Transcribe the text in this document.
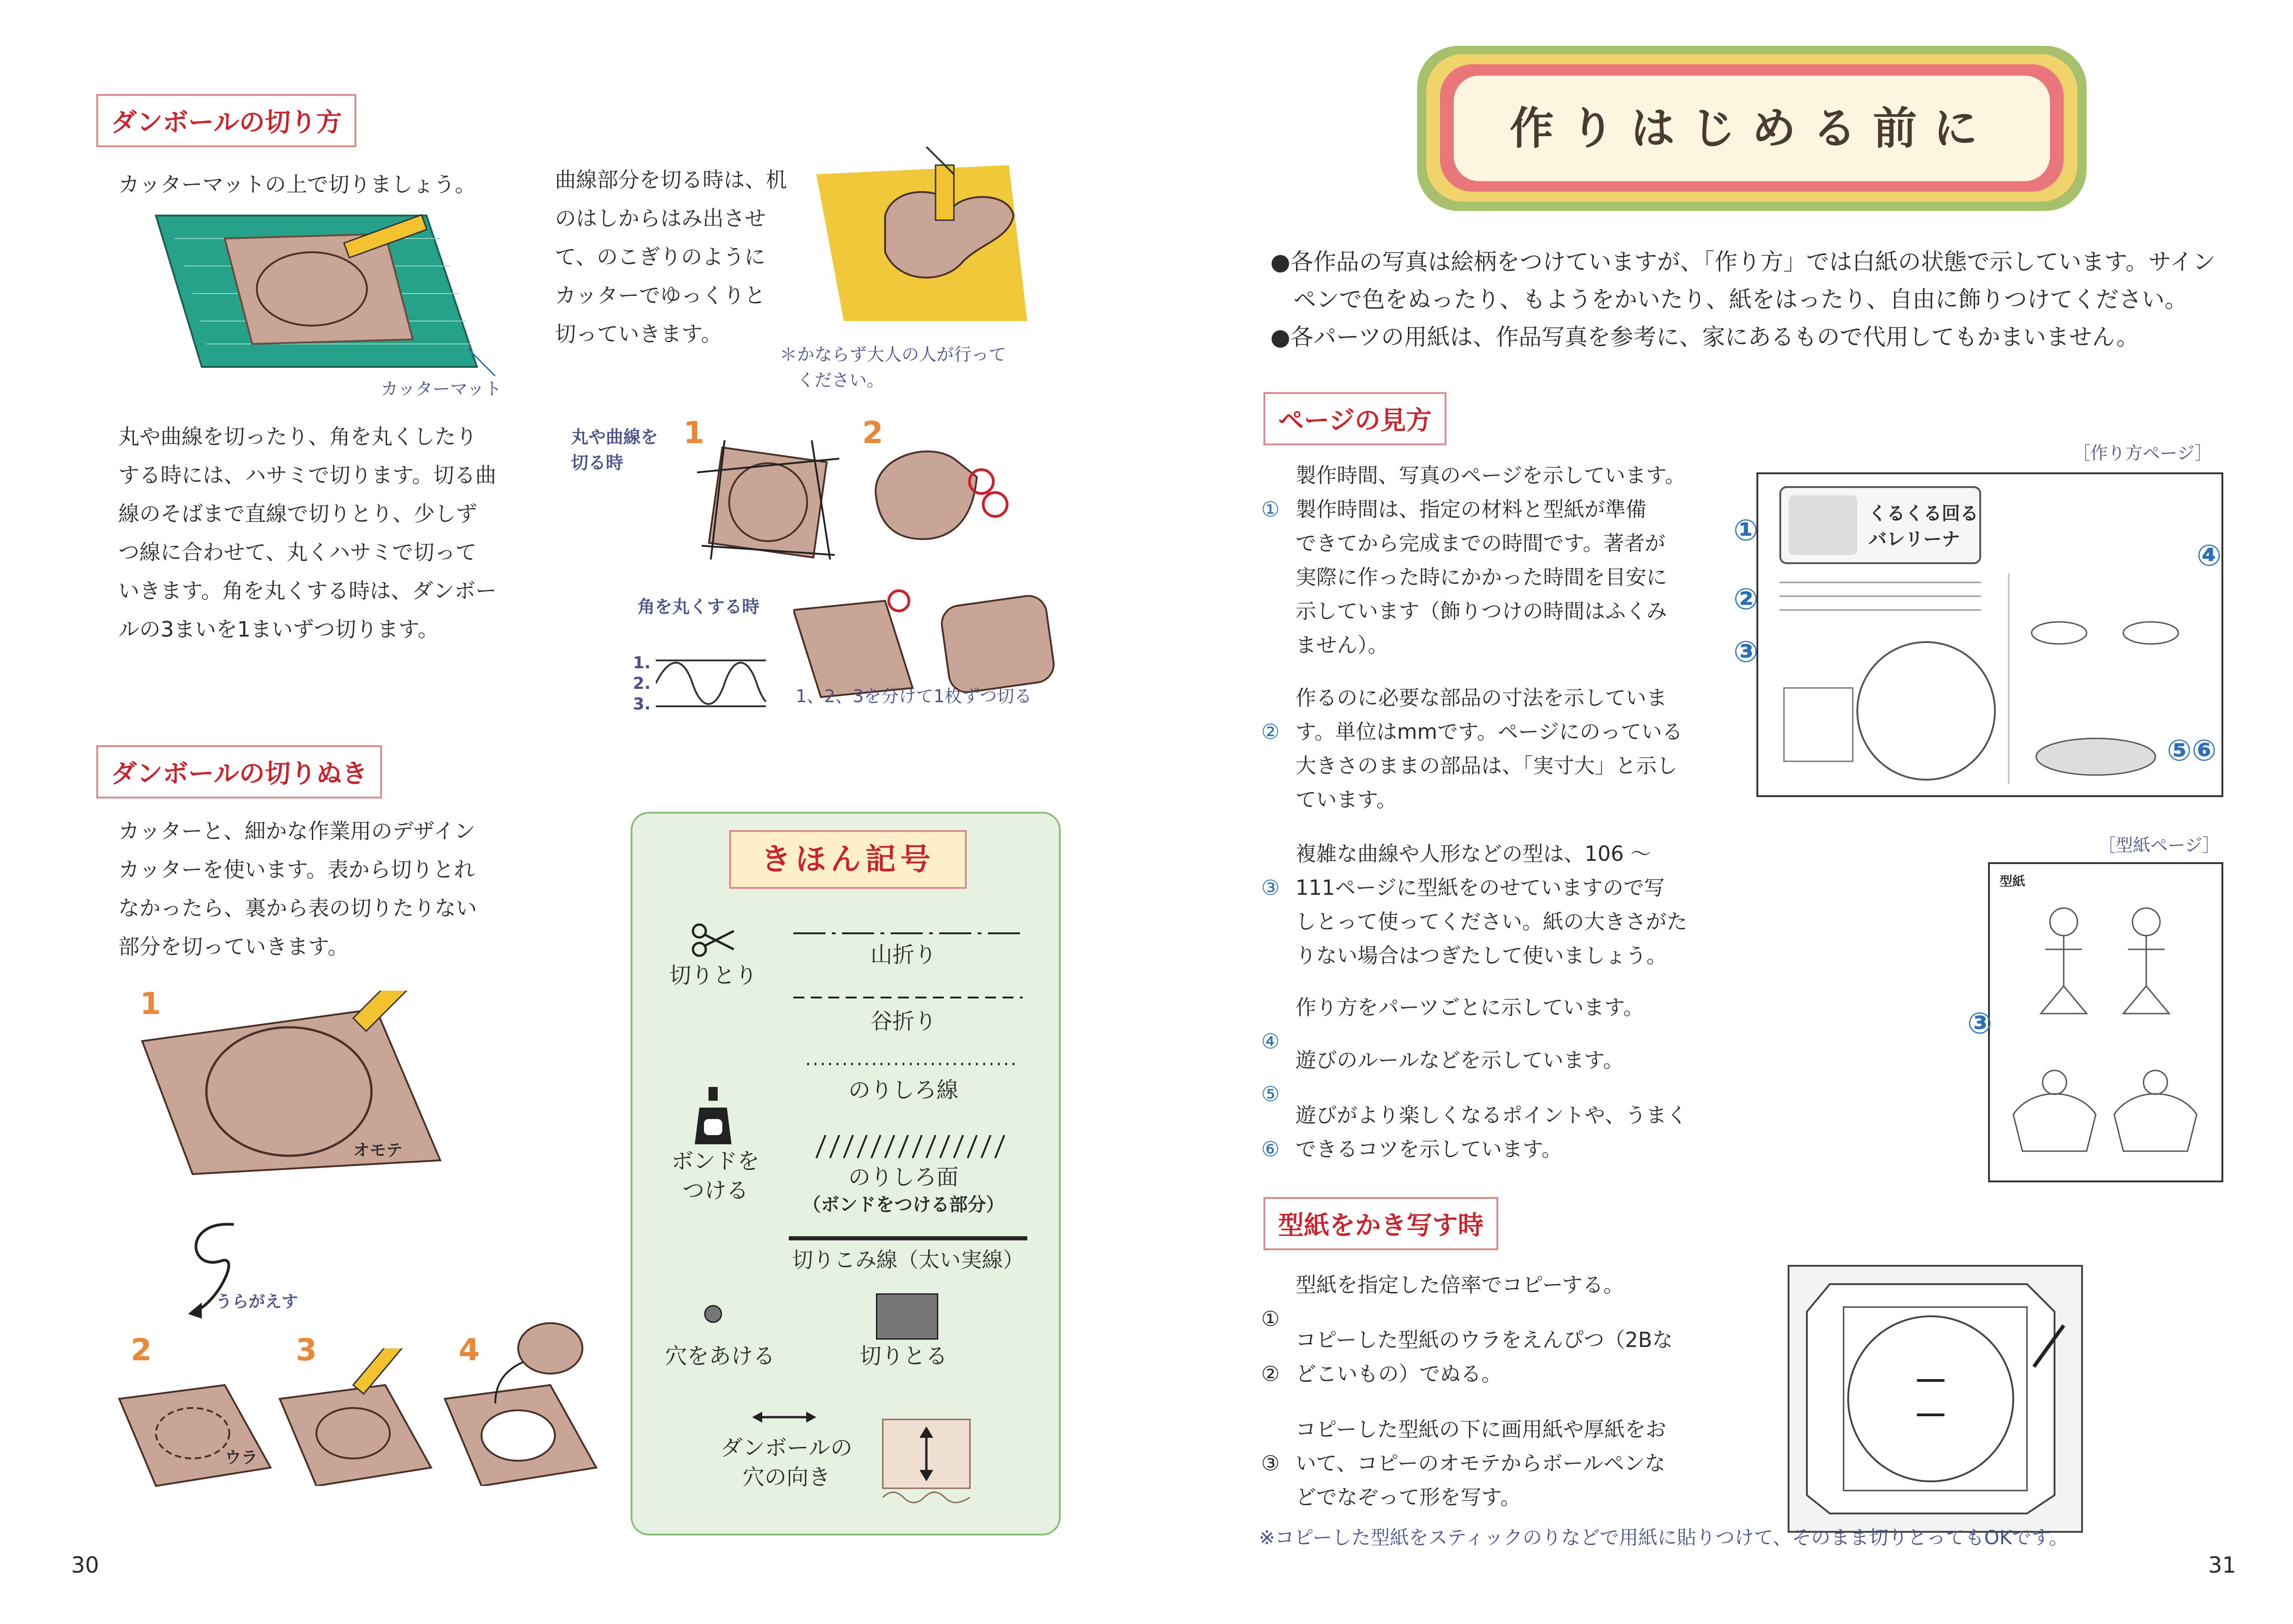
ダンボールの切り方
カッターマットの上で切りましょう。
カッターマット
曲線部分を切る時は、机
のはしからはみ出させ
て、のこぎりのように
カッターでゆっくりと
切っていきます。
＊かならず大人の人が行って
　ください。
丸や曲線を切ったり、角を丸くしたり
する時には、ハサミで切ります。切る曲
線のそばまで直線で切りとり、少しず
つ線に合わせて、丸くハサミで切って
いきます。角を丸くする時は、ダンボー
ルの3まいを1まいずつ切ります。
丸や曲線を
切る時
1	2
角を丸くする時
1.
2.
3.	1、2、3を分けて1枚ずつ切る
ダンボールの切りぬき
カッターと、細かな作業用のデザイン
カッターを使います。表から切りとれ
なかったら、裏から表の切りたりない
部分を切っていきます。
1
オモテ
うらがえす
2	3	4
ウラ
きほん記号
切りとり
山折り
谷折り
のりしろ線
ボンドを
つける
のりしろ面
（ボンドをつける部分）
切りこみ線（太い実線）
穴をあける	切りとる
ダンボールの
穴の向き
30
作りはじめる前に
●各作品の写真は絵柄をつけていますが、「作り方」では白紙の状態で示しています。サイン
　ペンで色をぬったり、もようをかいたり、紙をはったり、自由に飾りつけてください。
●各パーツの用紙は、作品写真を参考に、家にあるもので代用してもかまいません。
ページの見方

①

製作時間、写真のページを示しています。
製作時間は、指定の材料と型紙が準備
できてから完成までの時間です。著者が
実際に作った時にかかった時間を目安に
示しています（飾りつけの時間はふくみ
ません）。

②

作るのに必要な部品の寸法を示していま
す。単位はmmです。ページにのっている
大きさのままの部品は、「実寸大」と示し
ています。

③

複雑な曲線や人形などの型は、106 ～
111ページに型紙をのせていますので写
しとって使ってください。紙の大きさがた
りない場合はつぎたして使いましょう。

④

作り方をパーツごとに示しています。

⑤

遊びのルールなどを示しています。

⑥

遊びがより楽しくなるポイントや、うまく
できるコツを示しています。
［作り方ページ］
くるくる回る
バレリーナ
①
②
③
④
⑤⑥
［型紙ページ］
型紙
③
型紙をかき写す時

①

型紙を指定した倍率でコピーする。

②

コピーした型紙のウラをえんぴつ（2Bな
どこいもの）でぬる。

③

コピーした型紙の下に画用紙や厚紙をお
いて、コピーのオモテからボールペンな
どでなぞって形を写す。
※コピーした型紙をスティックのりなどで用紙に貼りつけて、そのまま切りとってもOKです。
31
